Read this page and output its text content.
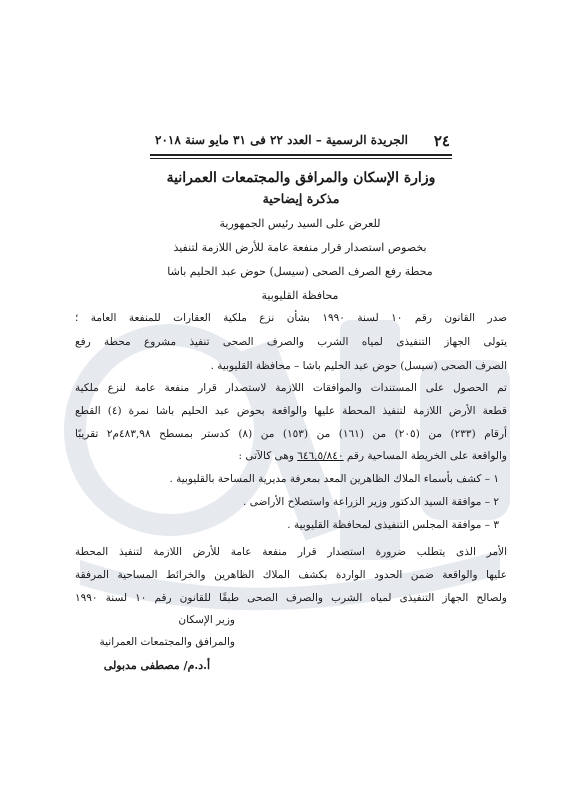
٢٤
الجريدة الرسمية – العدد ٢٢ فى ٣١ مايو سنة ٢٠١٨
وزارة الإسكان والمرافق والمجتمعات العمرانية
مذكرة إيضاحية
للعرض على السيد رئيس الجمهورية
بخصوص استصدار قرار منفعة عامة للأرض اللازمة لتنفيذ
محطة رفع الصرف الصحى (سيسل) حوض عبد الحليم باشا
محافظة القليوبية
صدر القانون رقم ١٠ لسنة ١٩٩٠ بشأن نزع ملكية العقارات للمنفعة العامة ؛
يتولى الجهاز التنفيذى لمياه الشرب والصرف الصحى تنفيذ مشروع محطة رفع
الصرف الصحى (سيسل) حوض عبد الحليم باشا – محافظة القليوبية .
تم الحصول على المستندات والموافقات اللازمة لاستصدار قرار منفعة عامة لنزع ملكية
قطعة الأرض اللازمة لتنفيذ المحطة عليها والواقعة بحوض عبد الحليم باشا نمرة (٤) القطع
أرقام (٢٣٣) من (٢٠٥) من (١٦١) من (١٥٣) من (٨) كدستر بمسطح ٤٨٣,٩٨م٢ تقريبًا
والواقعة على الخريطة المساحية رقم ٦٤٦,٥/٨٤٠ وهى كالآتى :
١ – كشف بأسماء الملاك الظاهرين المعد بمعرفة مديرية المساحة بالقليوبية .
٢ – موافقة السيد الدكتور وزير الزراعة واستصلاح الأراضى .
٣ – موافقة المجلس التنفيذى لمحافظة القليوبية .
الأمر الذى يتطلب ضرورة استصدار قرار منفعة عامة للأرض اللازمة لتنفيذ المحطة
عليها والواقعة ضمن الحدود الواردة بكشف الملاك الظاهرين والخرائط المساحية المرفقة
ولصالح الجهاز التنفيذى لمياه الشرب والصرف الصحى طبقًا للقانون رقم ١٠ لسنة ١٩٩٠
وزير الإسكان
والمرافق والمجتمعات العمرانية
أ.د.م/ مصطفى مدبولى
